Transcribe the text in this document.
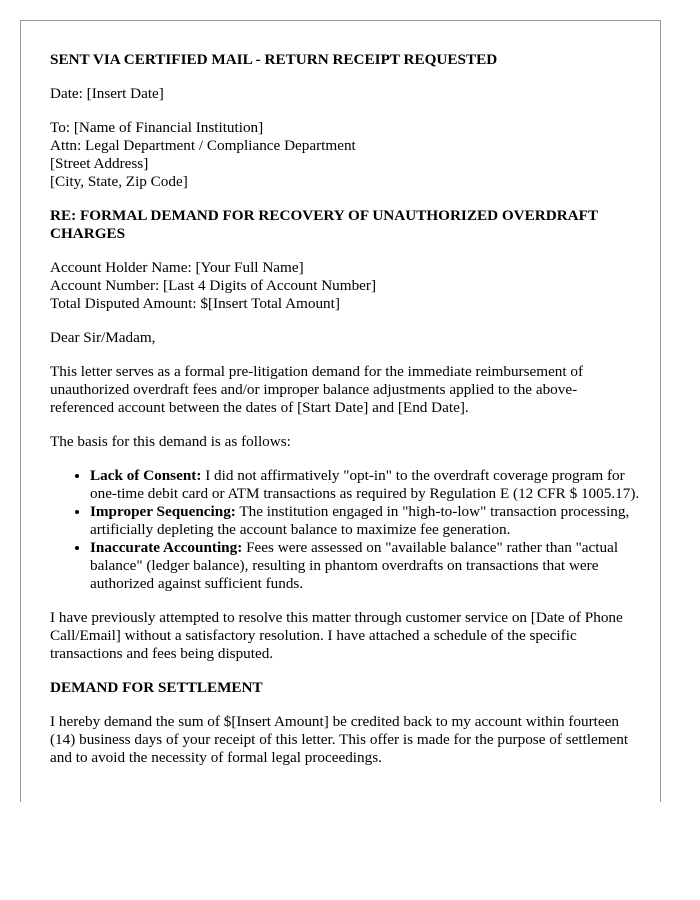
SENT VIA CERTIFIED MAIL - RETURN RECEIPT REQUESTED

Date: [Insert Date]

To: [Name of Financial Institution]
Attn: Legal Department / Compliance Department
[Street Address]
[City, State, Zip Code]

RE: FORMAL DEMAND FOR RECOVERY OF UNAUTHORIZED OVERDRAFT CHARGES

Account Holder Name: [Your Full Name]
Account Number: [Last 4 Digits of Account Number]
Total Disputed Amount: $[Insert Total Amount]

Dear Sir/Madam,

This letter serves as a formal pre-litigation demand for the immediate reimbursement of unauthorized overdraft fees and/or improper balance adjustments applied to the above-referenced account between the dates of [Start Date] and [End Date].

The basis for this demand is as follows:

• Lack of Consent: I did not affirmatively "opt-in" to the overdraft coverage program for one-time debit card or ATM transactions as required by Regulation E (12 CFR $ 1005.17).
• Improper Sequencing: The institution engaged in "high-to-low" transaction processing, artificially depleting the account balance to maximize fee generation.
• Inaccurate Accounting: Fees were assessed on "available balance" rather than "actual balance" (ledger balance), resulting in phantom overdrafts on transactions that were authorized against sufficient funds.

I have previously attempted to resolve this matter through customer service on [Date of Phone Call/Email] without a satisfactory resolution. I have attached a schedule of the specific transactions and fees being disputed.

DEMAND FOR SETTLEMENT

I hereby demand the sum of $[Insert Amount] be credited back to my account within fourteen (14) business days of your receipt of this letter. This offer is made for the purpose of settlement and to avoid the necessity of formal legal proceedings.
